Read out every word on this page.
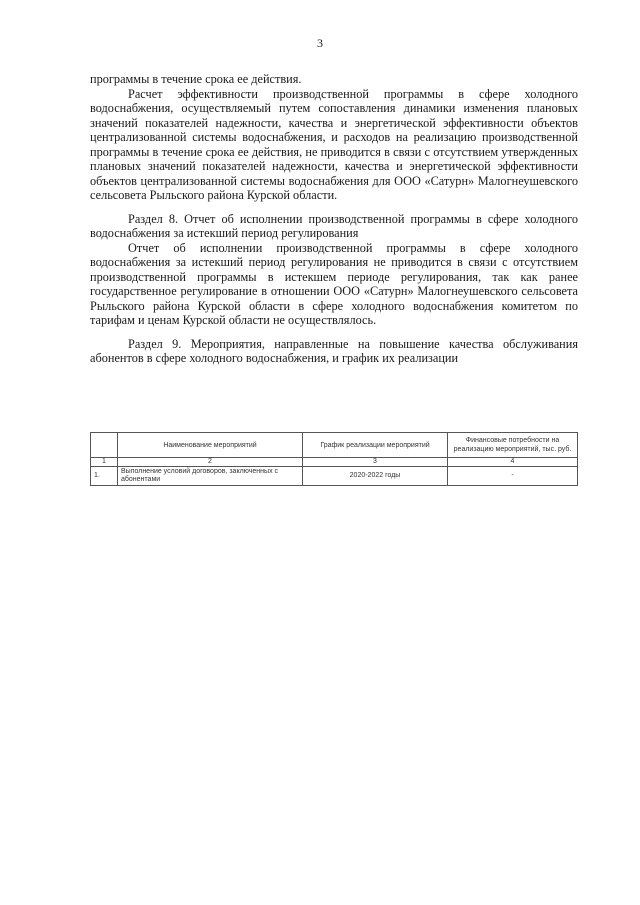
3

программы в течение срока ее действия.

Расчет эффективности производственной программы в сфере холодного водоснабжения, осуществляемый путем сопоставления динамики изменения плановых значений показателей надежности, качества и энергетической эффективности объектов централизованной системы водоснабжения, и расходов на реализацию производственной программы в течение срока ее действия, не приводится в связи с отсутствием утвержденных плановых значений показателей надежности, качества и энергетической эффективности объектов централизованной системы водоснабжения для ООО «Сатурн» Малогнеушевского сельсовета Рыльского района Курской области.

Раздел 8. Отчет об исполнении производственной программы в сфере холодного водоснабжения за истекший период регулирования

Отчет об исполнении производственной программы в сфере холодного водоснабжения за истекший период регулирования не приводится в связи с отсутствием производственной программы в истекшем периоде регулирования, так как ранее государственное регулирование в отношении ООО «Сатурн» Малогнеушевского сельсовета Рыльского района Курской области в сфере холодного водоснабжения комитетом по тарифам и ценам Курской области не осуществлялось.

Раздел 9. Мероприятия, направленные на повышение качества обслуживания абонентов в сфере холодного водоснабжения, и график их реализации

	Наименование мероприятий	График реализации мероприятий	Финансовые потребности на реализацию мероприятий, тыс. руб.
1	2	3	4
1.	Выполнение условий договоров, заключенных с абонентами	2020-2022 годы	-
